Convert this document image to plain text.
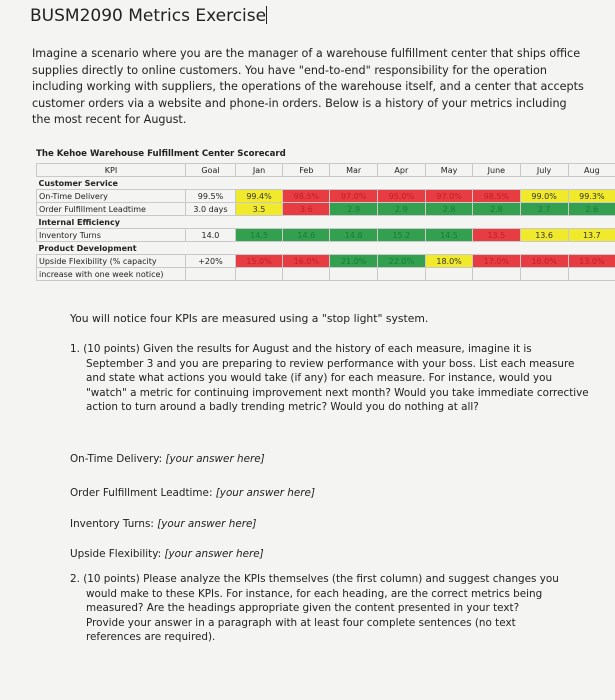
BUSM2090 Metrics Exercise
Imagine a scenario where you are the manager of a warehouse fulfillment center that ships office supplies directly to online customers. You have "end-to-end" responsibility for the operation including working with suppliers, the operations of the warehouse itself, and a center that accepts customer orders via a website and phone-in orders. Below is a history of your metrics including the most recent for August.
The Kehoe Warehouse Fulfillment Center Scorecard
KPI	Goal	Jan	Feb	Mar	Apr	May	June	July	Aug
Customer Service									
On-Time Delivery	99.5%	99.4%	98.5%	97.0%	95.0%	97.0%	98.5%	99.0%	99.3%
Order Fulfillment Leadtime	3.0 days	3.5	3.6	2.9	2.9	2.8	2.8	2.7	2.6
Internal Efficiency									
Inventory Turns	14.0	14.5	14.6	14.8	15.2	14.5	13.5	13.6	13.7
Product Development									
Upside Flexibility (% capacity	+20%	15.0%	16.0%	21.0%	22.0%	18.0%	17.0%	16.0%	13.0%
increase with one week notice)									
You will notice four KPIs are measured using a "stop light" system.
1. (10 points) Given the results for August and the history of each measure, imagine it is September 3 and you are preparing to review performance with your boss. List each measure and state what actions you would take (if any) for each measure. For instance, would you "watch" a metric for continuing improvement next month? Would you take immediate corrective action to turn around a badly trending metric? Would you do nothing at all?
On-Time Delivery: [your answer here]
Order Fulfillment Leadtime: [your answer here]
Inventory Turns: [your answer here]
Upside Flexibility: [your answer here]
2. (10 points) Please analyze the KPIs themselves (the first column) and suggest changes you would make to these KPIs. For instance, for each heading, are the correct metrics being measured? Are the headings appropriate given the content presented in your text? Provide your answer in a paragraph with at least four complete sentences (no text references are required).
